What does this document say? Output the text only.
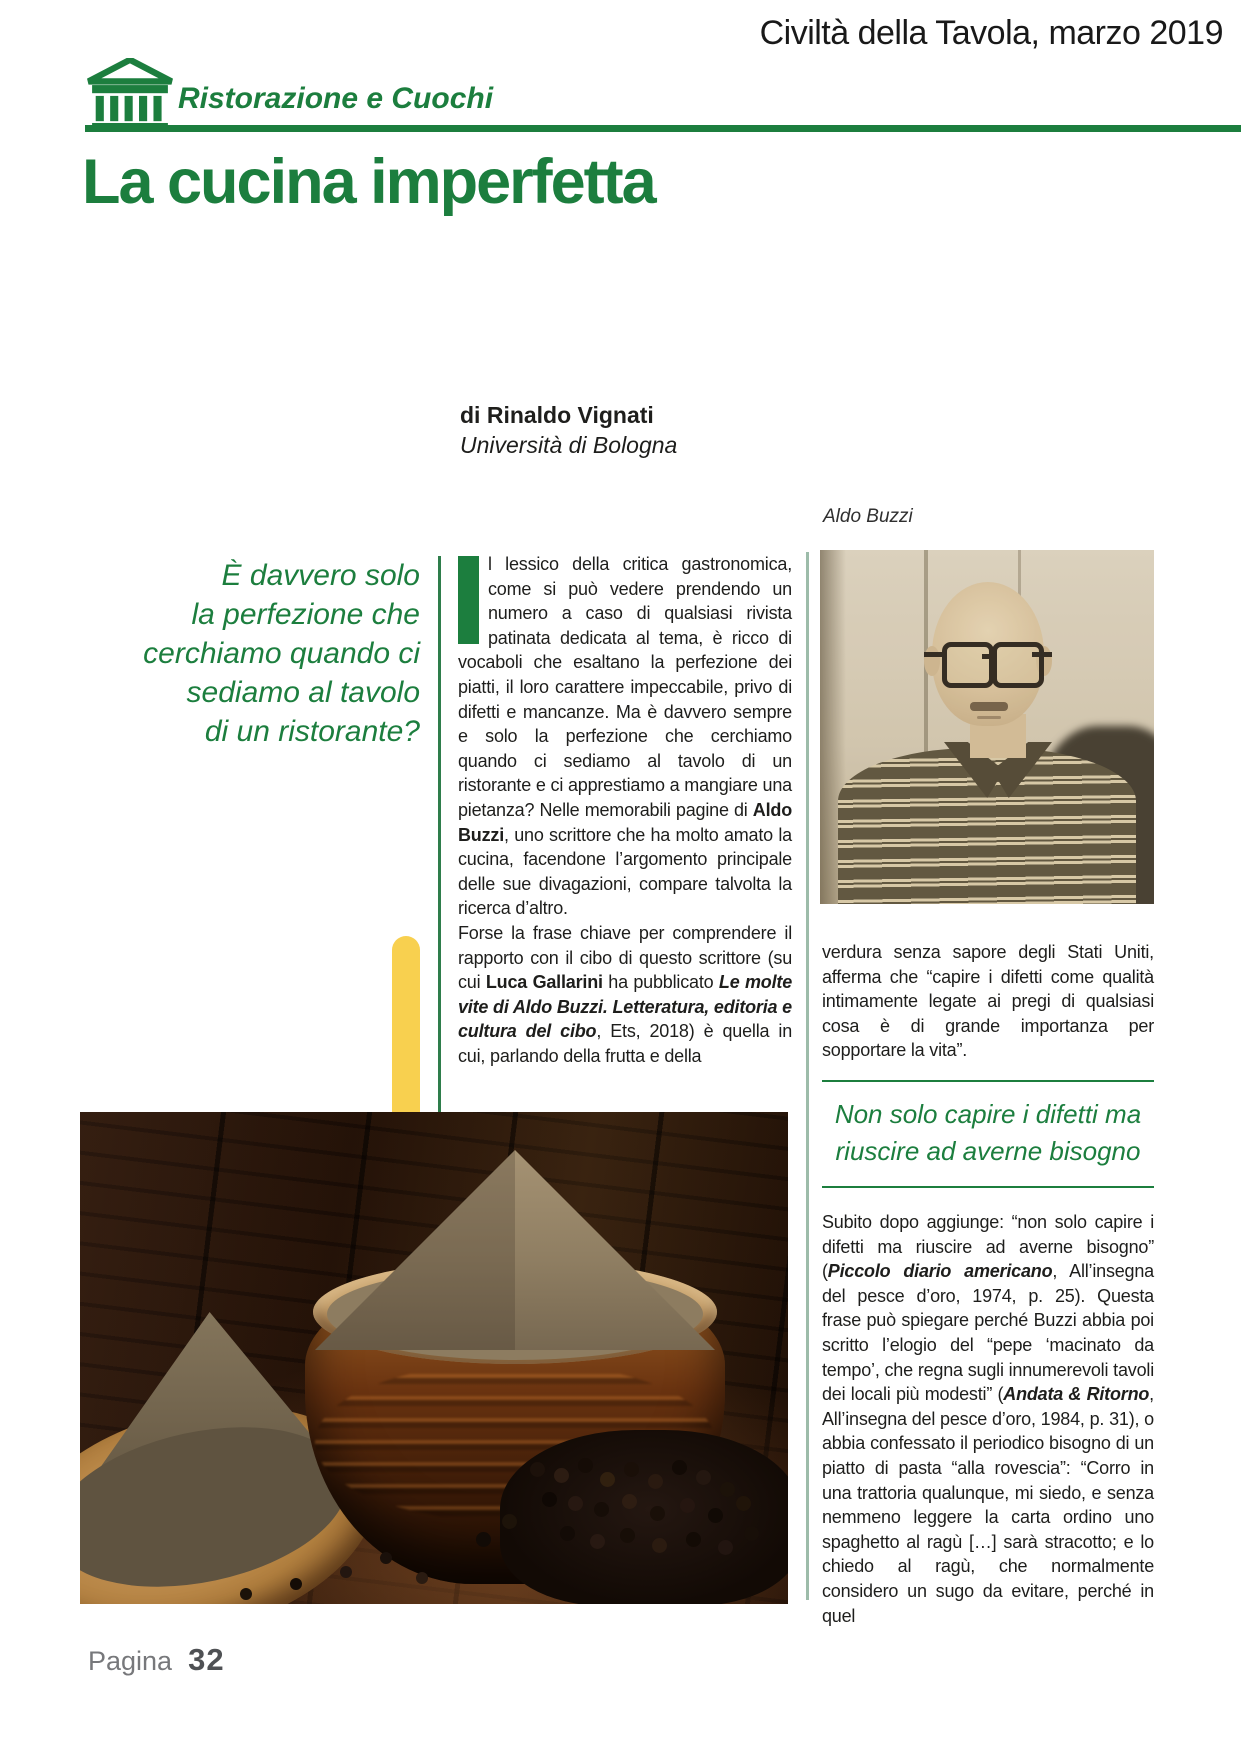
Civiltà della Tavola, marzo 2019
Ristorazione e Cuochi
La cucina imperfetta
di Rinaldo Vignati
Università di Bologna
Aldo Buzzi
È davvero solo
la perfezione che
cerchiamo quando ci
sediamo al tavolo
di un ristorante?

l lessico della critica gastronomica, come si può vedere prendendo un numero a caso di qualsiasi rivista patinata dedicata al tema, è ricco di vocaboli che esaltano la perfezione dei piatti, il loro carattere impeccabile, privo di difetti e mancanze. Ma è davvero sempre e solo la perfezione che cerchiamo quando ci sediamo al tavolo di un ristorante e ci apprestiamo a mangiare una pietanza? Nelle memorabili pagine di Aldo Buzzi, uno scrittore che ha molto amato la cucina, facendone l’argomento principale delle sue divagazioni, compare talvolta la ricerca d’altro.

Forse la frase chiave per comprendere il rapporto con il cibo di questo scrittore (su cui Luca Gallarini ha pubblicato Le molte vite di Aldo Buzzi. Letteratura, editoria e cultura del cibo, Ets, 2018) è quella in cui, parlando della frutta e della

verdura senza sapore degli Stati Uniti, afferma che “capire i difetti come qualità intimamente legate ai pregi di qualsiasi cosa è di grande importanza per sopportare la vita”.

Non solo capire i difetti ma
riuscire ad averne bisogno

Subito dopo aggiunge: “non solo capire i difetti ma riuscire ad averne bisogno” (Piccolo diario americano, All’insegna del pesce d’oro, 1974, p. 25). Questa frase può spiegare perché Buzzi abbia poi scritto l’elogio del “pepe ‘macinato da tempo’, che regna sugli innumerevoli tavoli dei locali più modesti” (Andata & Ritorno, All’insegna del pesce d’oro, 1984, p. 31), o abbia confessato il periodico bisogno di un piatto di pasta “alla rovescia”: “Corro in una trattoria qualunque, mi siedo, e senza nemmeno leggere la carta ordino uno spaghetto al ragù […] sarà stracotto; e lo chiedo al ragù, che normalmente considero un sugo da evitare, perché in quel

Pagina 32
